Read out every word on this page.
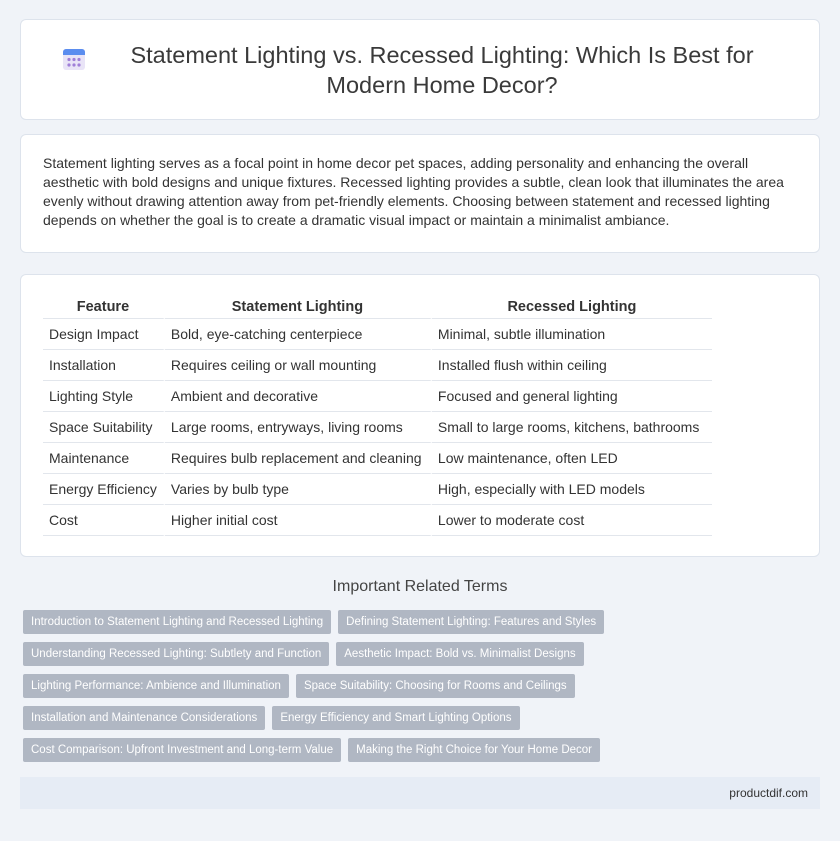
Statement Lighting vs. Recessed Lighting: Which Is Best for Modern Home Decor?

Statement lighting serves as a focal point in home decor pet spaces, adding personality and enhancing the overall aesthetic with bold designs and unique fixtures. Recessed lighting provides a subtle, clean look that illuminates the area evenly without drawing attention away from pet-friendly elements. Choosing between statement and recessed lighting depends on whether the goal is to create a dramatic visual impact or maintain a minimalist ambiance.

Feature	Statement Lighting	Recessed Lighting
Design Impact	Bold, eye-catching centerpiece	Minimal, subtle illumination
Installation	Requires ceiling or wall mounting	Installed flush within ceiling
Lighting Style	Ambient and decorative	Focused and general lighting
Space Suitability	Large rooms, entryways, living rooms	Small to large rooms, kitchens, bathrooms
Maintenance	Requires bulb replacement and cleaning	Low maintenance, often LED
Energy Efficiency	Varies by bulb type	High, especially with LED models
Cost	Higher initial cost	Lower to moderate cost
Important Related Terms
Introduction to Statement Lighting and Recessed Lighting	Defining Statement Lighting: Features and Styles
Understanding Recessed Lighting: Subtlety and Function	Aesthetic Impact: Bold vs. Minimalist Designs
Lighting Performance: Ambience and Illumination	Space Suitability: Choosing for Rooms and Ceilings
Installation and Maintenance Considerations	Energy Efficiency and Smart Lighting Options
Cost Comparison: Upfront Investment and Long-term Value	Making the Right Choice for Your Home Decor
productdif.com
